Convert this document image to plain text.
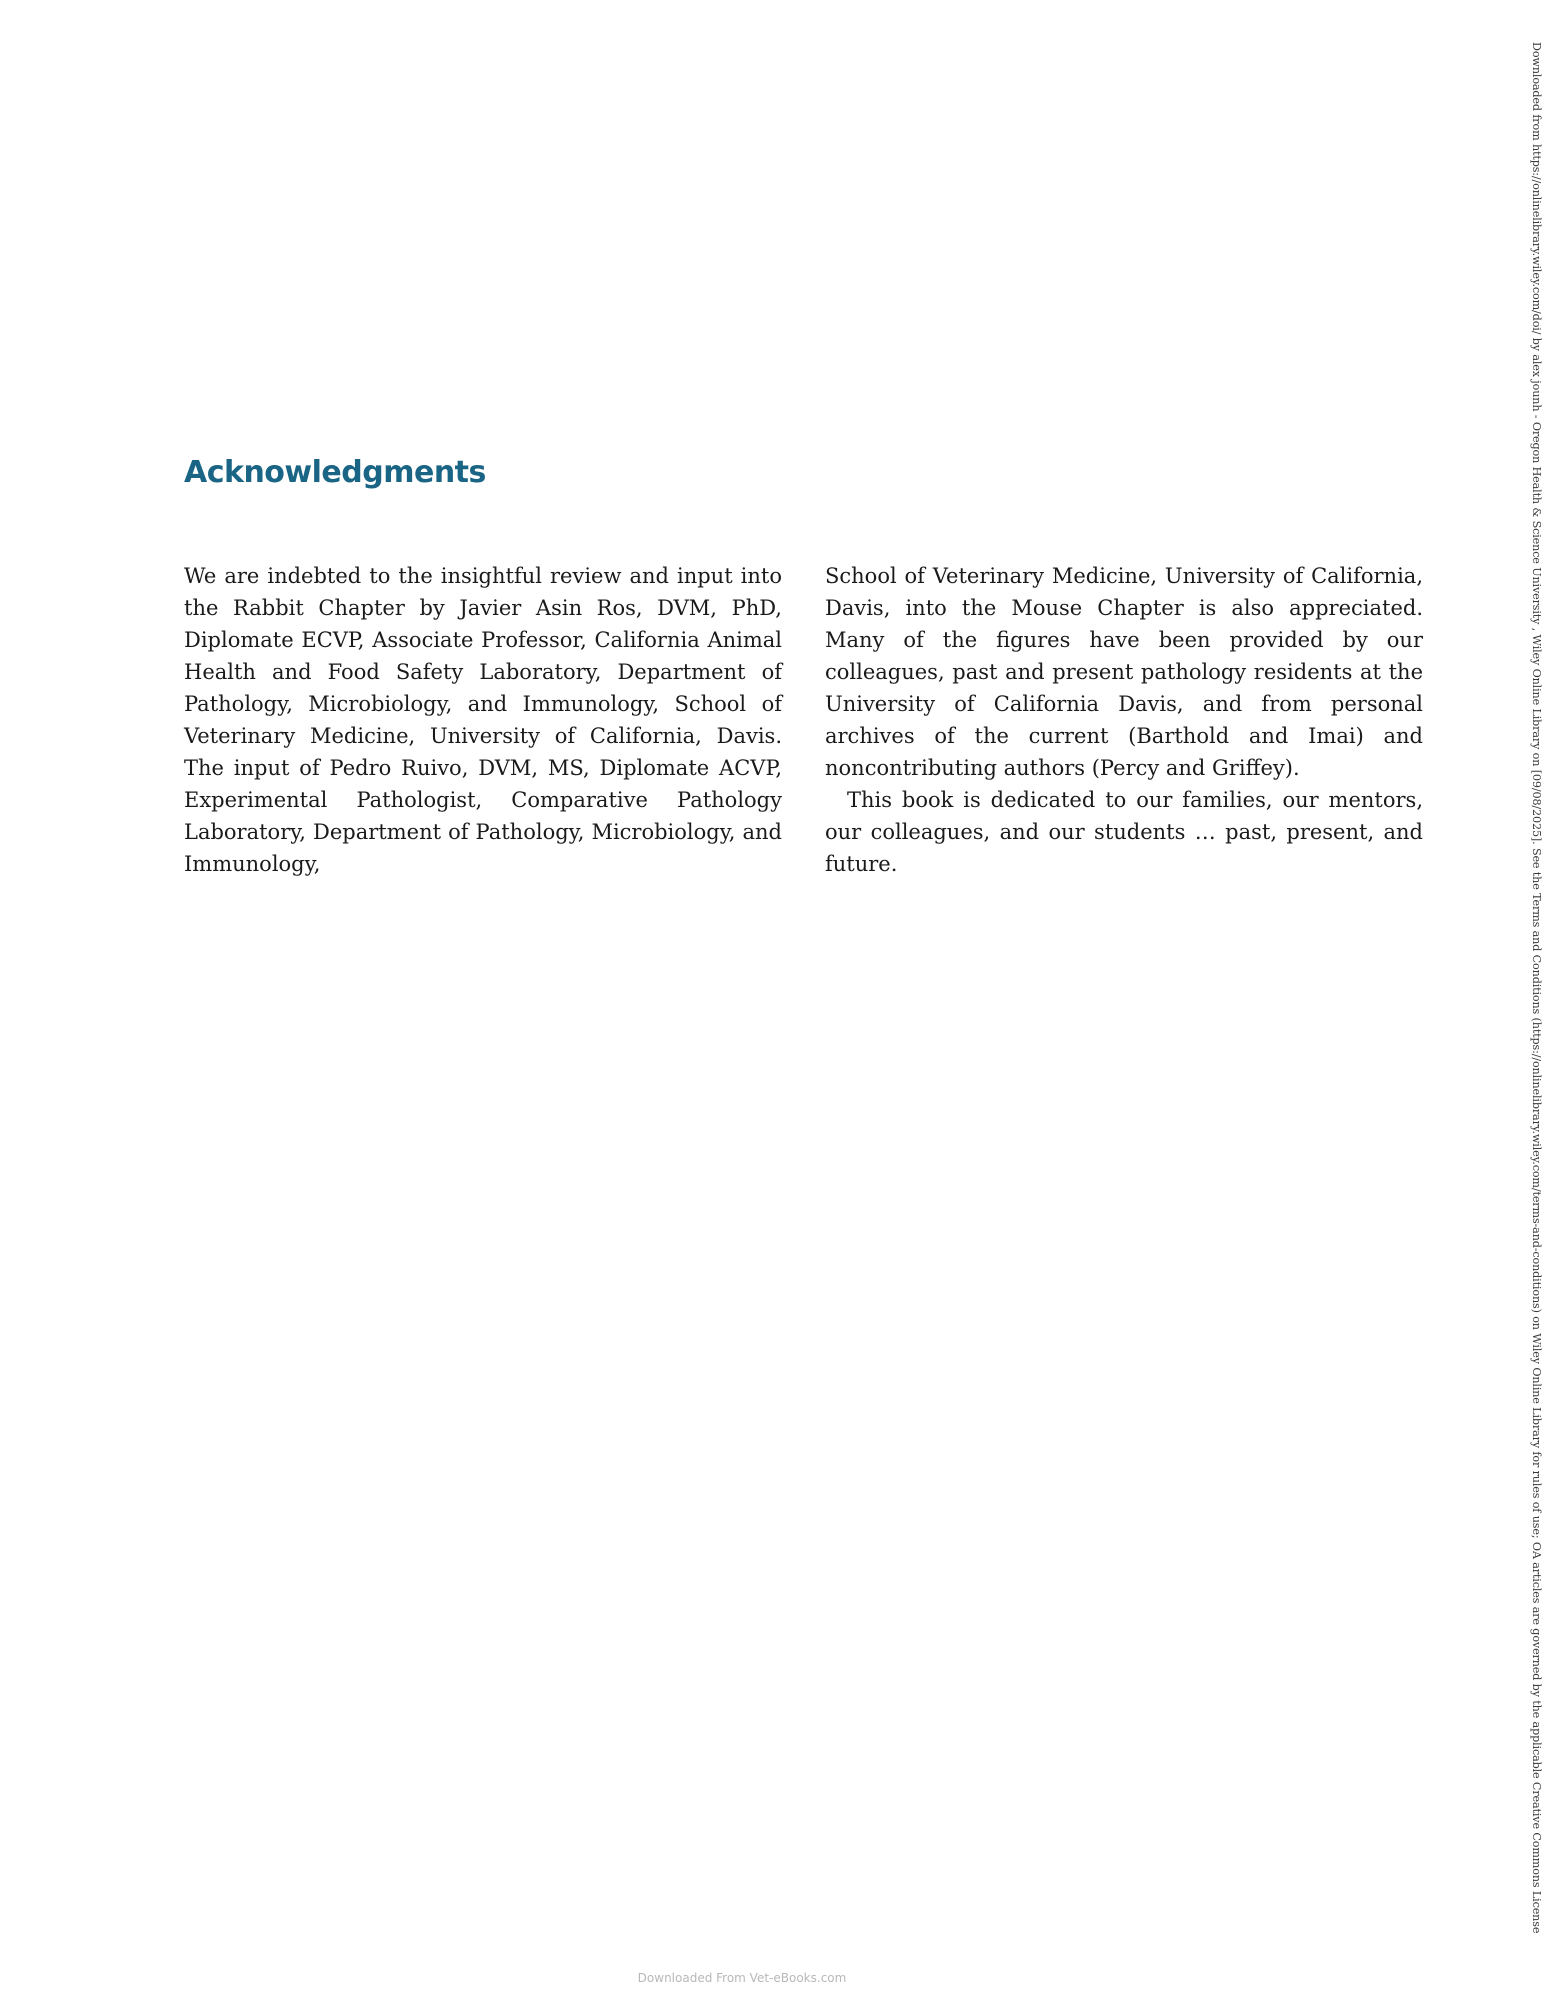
Acknowledgments

We are indebted to the insightful review and input into the Rabbit Chapter by Javier Asin Ros, DVM, PhD, Diplomate ECVP, Associate Professor, California Animal Health and Food Safety Laboratory, Department of Pathology, Microbiology, and Immunology, School of Veterinary Medicine, University of California, Davis. The input of Pedro Ruivo, DVM, MS, Diplomate ACVP, Experimental Pathologist, Comparative Pathology Laboratory, Department of Pathology, Microbiology, and Immunology,

School of Veterinary Medicine, University of California, Davis, into the Mouse Chapter is also appreciated. Many of the figures have been provided by our colleagues, past and present pathology residents at the University of California Davis, and from personal archives of the current (Barthold and Imai) and noncontributing authors (Percy and Griffey).

This book is dedicated to our families, our mentors, our colleagues, and our students … past, present, and future.	Downloaded from https://onlinelibrary.wiley.com/doi/ by alex jounh - Oregon Health & Science University , Wiley Online Library on [09/08/2025]. See the Terms and Conditions (https://onlinelibrary.wiley.com/terms-and-conditions) on Wiley Online Library for rules of use; OA articles are governed by the applicable Creative Commons License
Downloaded From Vet-eBooks.com
